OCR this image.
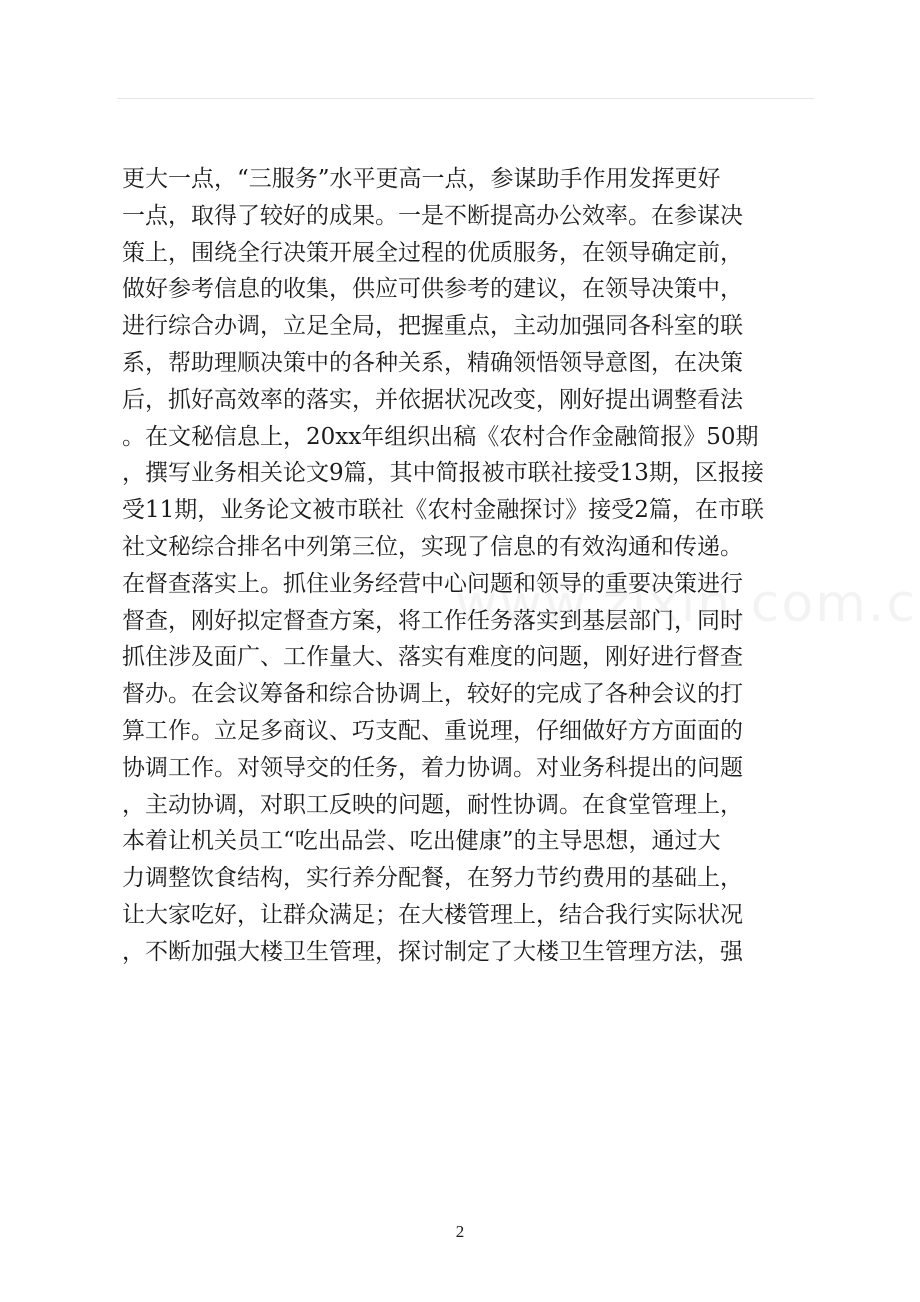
更大一点，“三服务”水平更高一点，参谋助手作用发挥更好
一点，取得了较好的成果。一是不断提高办公效率。在参谋决
策上，围绕全行决策开展全过程的优质服务，在领导确定前，
做好参考信息的收集，供应可供参考的建议，在领导决策中，
进行综合办调，立足全局，把握重点，主动加强同各科室的联
系，帮助理顺决策中的各种关系，精确领悟领导意图，在决策
后，抓好高效率的落实，并依据状况改变，刚好提出调整看法
。在文秘信息上，20xx年组织出稿《农村合作金融简报》50期
，撰写业务相关论文9篇，其中简报被市联社接受13期，区报接
受11期，业务论文被市联社《农村金融探讨》接受2篇，在市联
社文秘综合排名中列第三位，实现了信息的有效沟通和传递。
在督查落实上。抓住业务经营中心问题和领导的重要决策进行
督查，刚好拟定督查方案，将工作任务落实到基层部门，同时
抓住涉及面广、工作量大、落实有难度的问题，刚好进行督查
督办。在会议筹备和综合协调上，较好的完成了各种会议的打
算工作。立足多商议、巧支配、重说理，仔细做好方方面面的
协调工作。对领导交的任务，着力协调。对业务科提出的问题
，主动协调，对职工反映的问题，耐性协调。在食堂管理上，
本着让机关员工“吃出品尝、吃出健康”的主导思想，通过大
力调整饮食结构，实行养分配餐，在努力节约费用的基础上，
让大家吃好，让群众满足；在大楼管理上，结合我行实际状况
，不断加强大楼卫生管理，探讨制定了大楼卫生管理方法，强
2
